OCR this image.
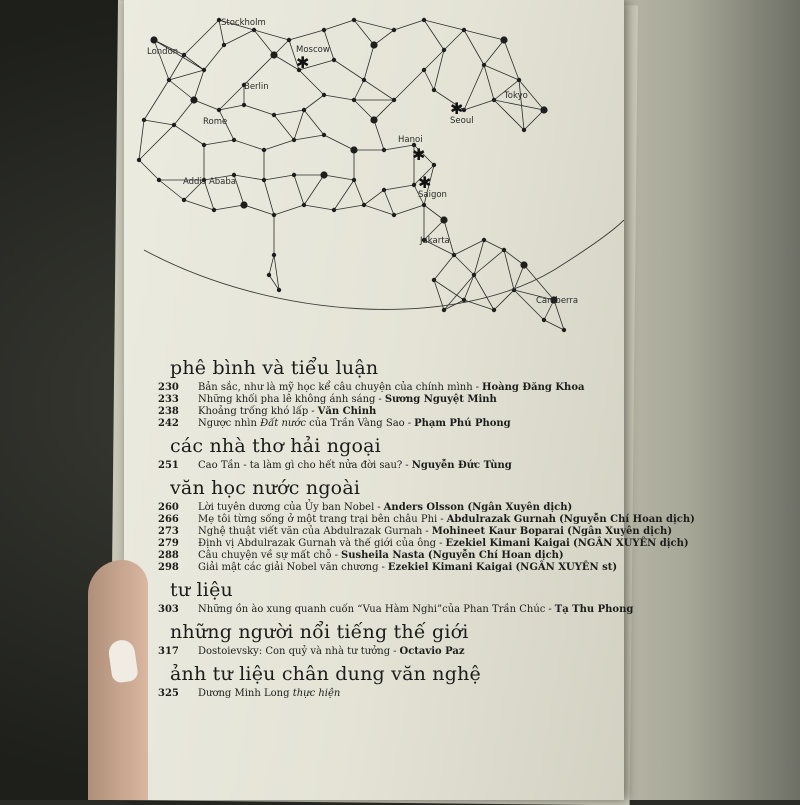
✱
✱
✱
✱
London
Stockholm
Moscow
Berlin
Tokyo
Seoul
Rome
Hanoi
Addis Ababa
Saigon
Jakarta
Camberra
phê bình và tiểu luận
230	Bản sắc, như là mỹ học kể câu chuyện của chính mình - Hoàng Đăng Khoa
233	Những khối pha lê không ánh sáng - Sương Nguyệt Minh
238	Khoảng trống khó lấp - Văn Chinh
242	Ngược nhìn Đất nước của Trần Vàng Sao - Phạm Phú Phong
các nhà thơ hải ngoại
251	Cao Tần - ta làm gì cho hết nửa đời sau? - Nguyễn Đức Tùng
văn học nước ngoài
260	Lời tuyên dương của Ủy ban Nobel - Anders Olsson
(Ngân Xuyên dịch)
266	Mẹ tôi từng sống ở một trang trại bên châu Phi - Abdulrazak Gurnah
(Nguyễn Chí Hoan dịch)
273	Nghệ thuật viết văn của Abdulrazak Gurnah - Mohineet Kaur Boparai
(Ngân Xuyên dịch)
279	Định vị Abdulrazak Gurnah và thế giới của ông - Ezekiel Kimani Kaigai
(NGÂN XUYÊN dịch)
288	Câu chuyện về sự mất chỗ - Susheila Nasta
(Nguyễn Chí Hoan dịch)
298	Giải mật các giải Nobel văn chương - Ezekiel Kimani Kaigai
(NGÂN XUYÊN st)
tư liệu
303	Những ồn ào xung quanh cuốn “Vua Hàm Nghi”của Phan Trần Chúc - Tạ Thu Phong
những người nổi tiếng thế giới
317	Dostoievsky: Con quỷ và nhà tư tưởng - Octavio Paz
ảnh tư liệu chân dung văn nghệ
325	Dương Minh Long
thực hiện
